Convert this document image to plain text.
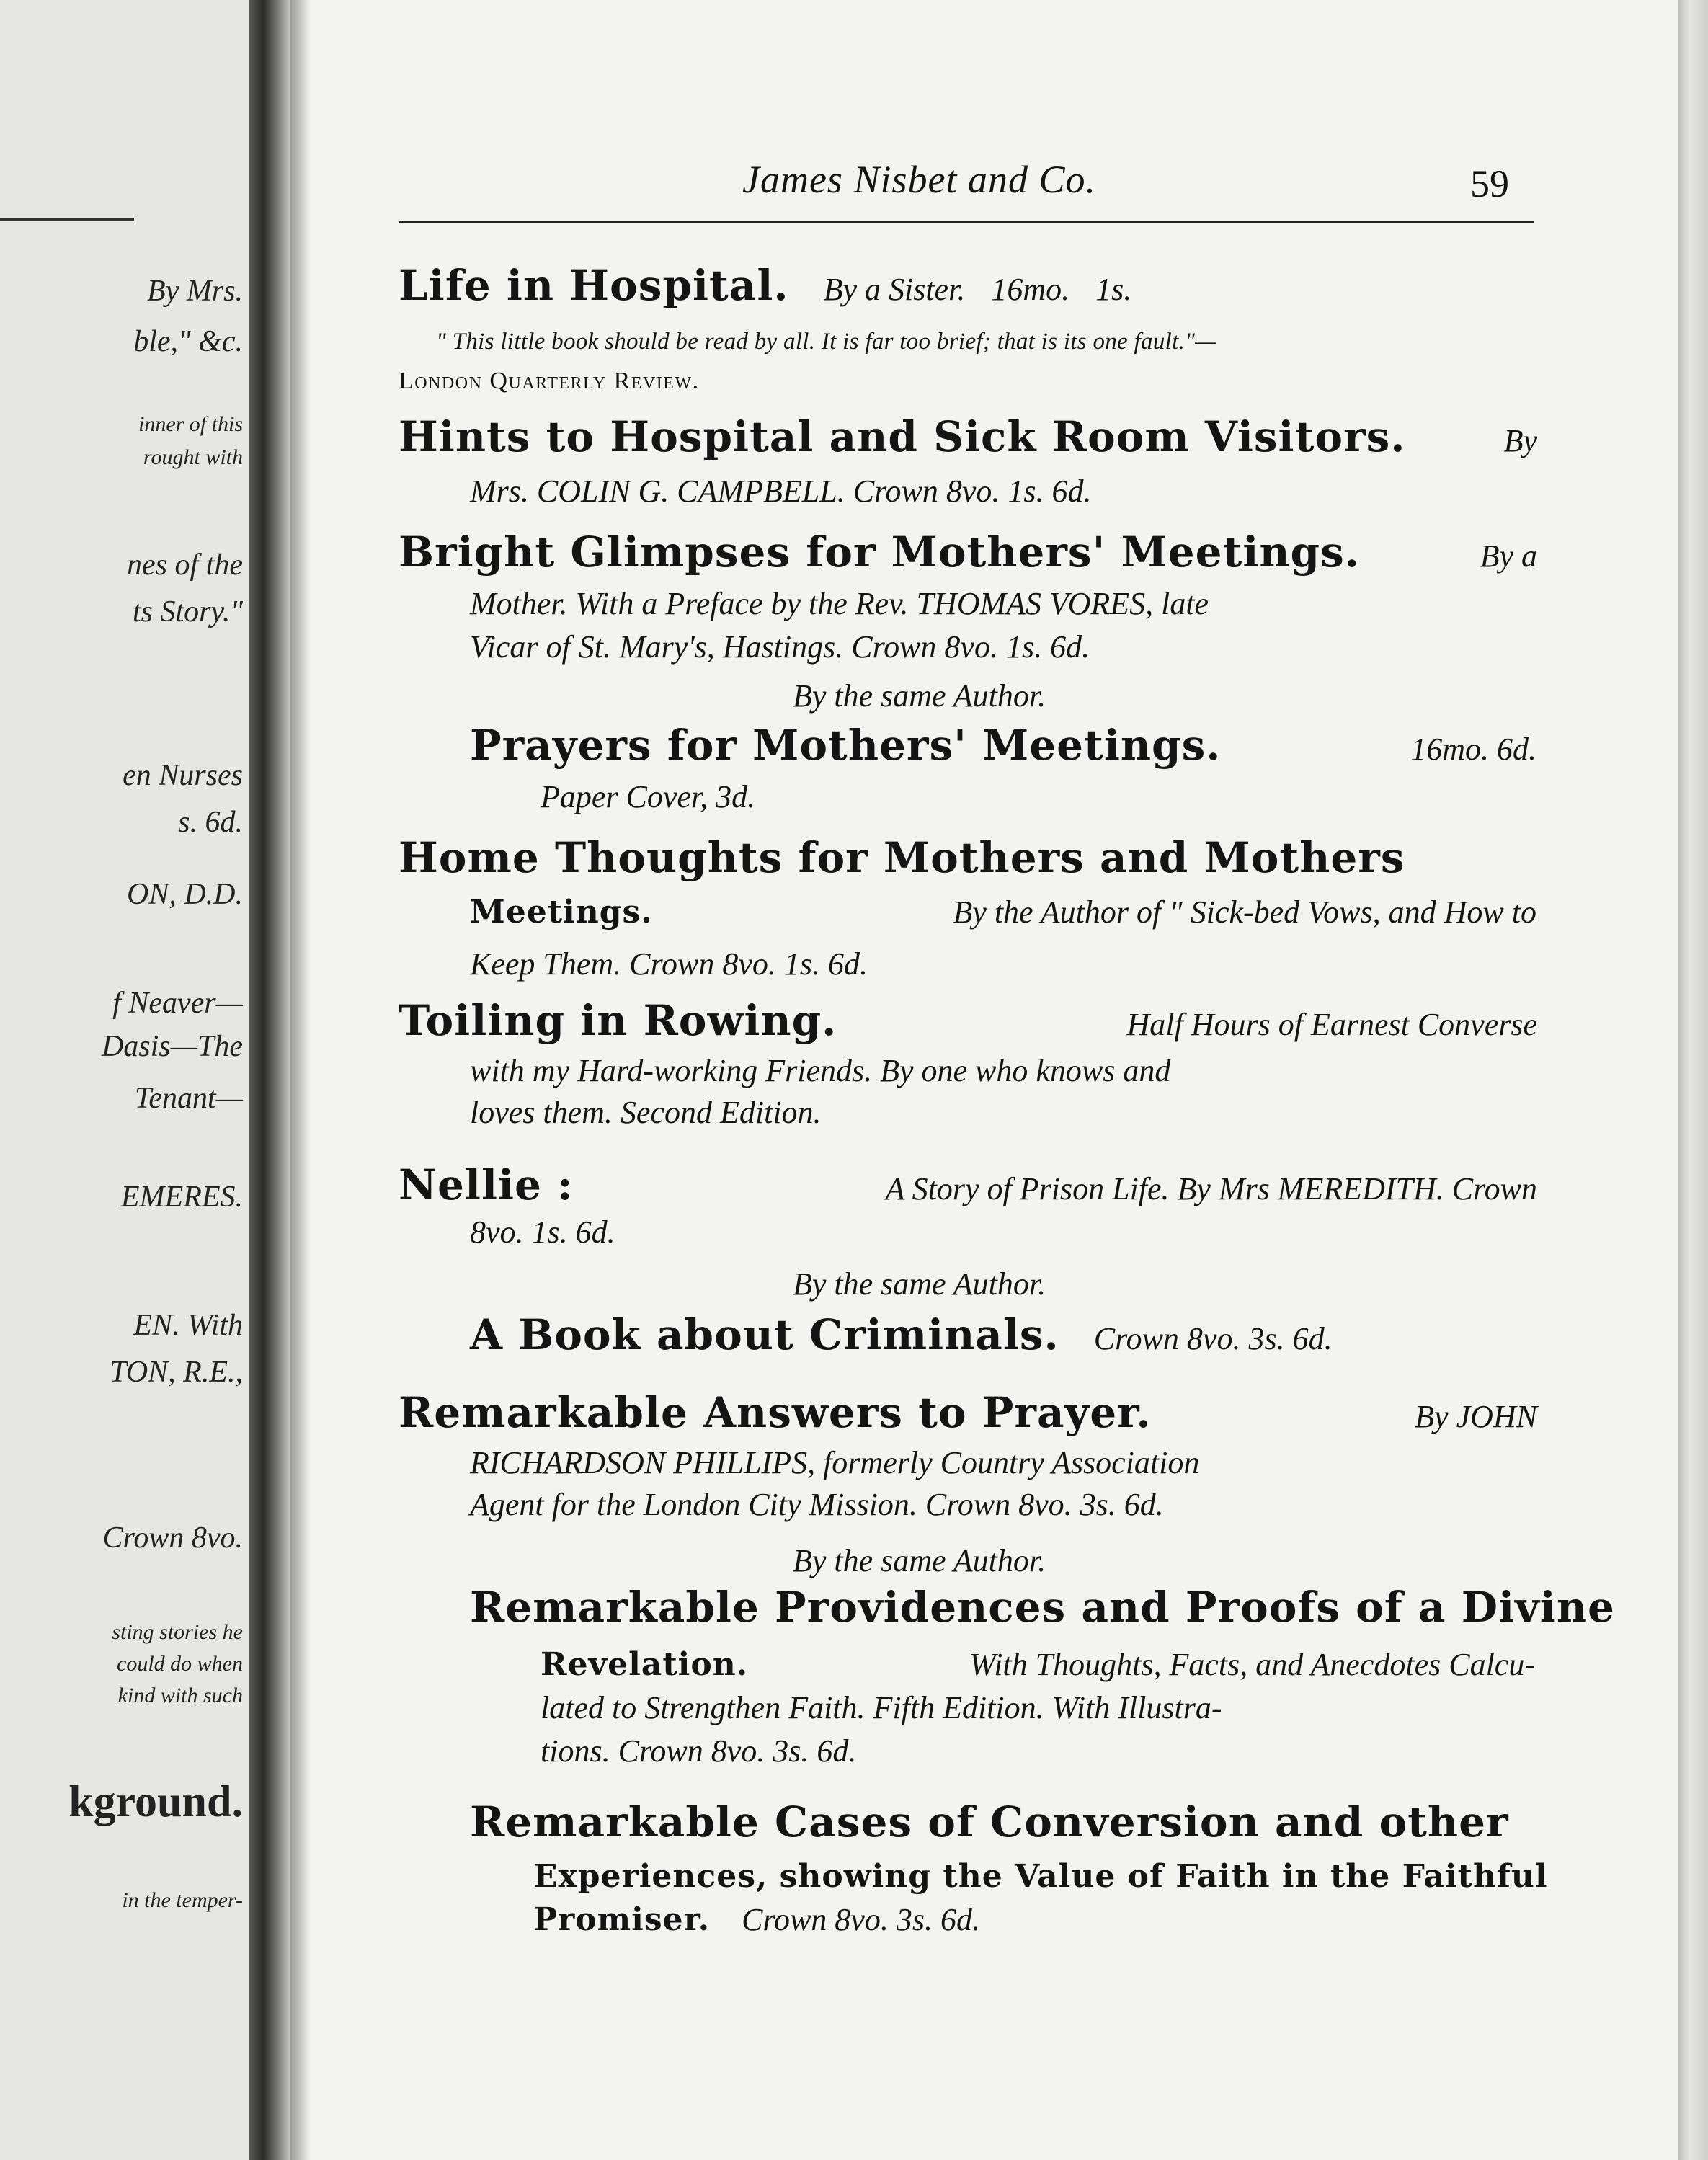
By Mrs.
ble," &c.
inner of this
rought with
nes of the
ts Story."
en Nurses
s. 6d.
ON, D.D.
f Neaver—
Dasis—The
Tenant—
EMERES.
EN. With
TON, R.E.,
Crown 8vo.
sting stories he
could do when
kind with such
kground.
in the temper-
James Nisbet and Co.	59
Life in Hospital. By a Sister. 16mo. 1s.
" This little book should be read by all. It is far too brief; that is its one fault."—
London Quarterly Review.
Hints to Hospital and Sick Room Visitors.	By
Mrs. COLIN G. CAMPBELL. Crown 8vo. 1s. 6d.
Bright Glimpses for Mothers' Meetings.	By a
Mother. With a Preface by the Rev. THOMAS VORES, late
Vicar of St. Mary's, Hastings. Crown 8vo. 1s. 6d.
By the same Author.
Prayers for Mothers' Meetings.	16mo. 6d.
Paper Cover, 3d.
Home Thoughts for Mothers and Mothers
Meetings.	By the Author of " Sick-bed Vows, and How to
Keep Them. Crown 8vo. 1s. 6d.
Toiling in Rowing.	Half Hours of Earnest Converse
with my Hard-working Friends. By one who knows and
loves them. Second Edition.
Nellie :	A Story of Prison Life. By Mrs MEREDITH. Crown
8vo. 1s. 6d.
By the same Author.
A Book about Criminals. Crown 8vo. 3s. 6d.
Remarkable Answers to Prayer.	By JOHN
RICHARDSON PHILLIPS, formerly Country Association
Agent for the London City Mission. Crown 8vo. 3s. 6d.
By the same Author.
Remarkable Providences and Proofs of a Divine
Revelation.	With Thoughts, Facts, and Anecdotes Calcu-
lated to Strengthen Faith. Fifth Edition. With Illustra-
tions. Crown 8vo. 3s. 6d.
Remarkable Cases of Conversion and other
Experiences, showing the Value of Faith in the Faithful
Promiser. Crown 8vo. 3s. 6d.
